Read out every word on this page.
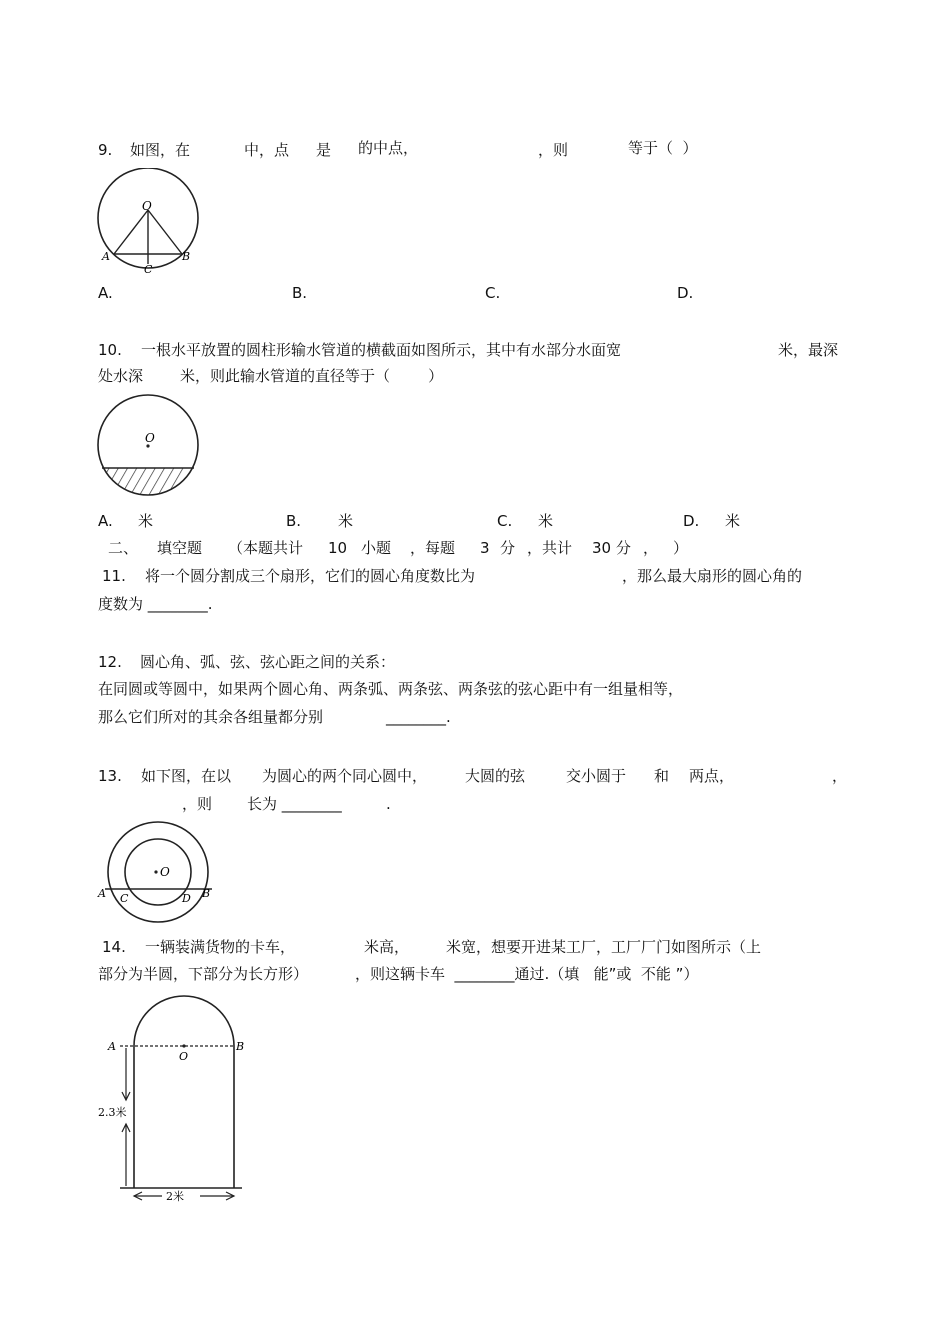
9. 如图，在	中，点 是 的中点，	，则	等于（  ）
O
A	B
C
A.	B.	C.	D.
10. 一根水平放置的圆柱形输水管道的横截面如图所示，其中有水部分水面宽	米，最深
处水深 米，则此输水管道的直径等于（        ）
O
A. 米	B. 米	C. 米	D. 米
二、 填空题 （本题共计 10 小题 ，每题 3 分 ，共计 30 分 ， ）
11. 将一个圆分割成三个扇形，它们的圆心角度数比为	，那么最大扇形的圆心角的
度数为 ________.
12. 圆心角、弧、弦、弦心距之间的关系：
在同圆或等圆中，如果两个圆心角、两条弧、两条弦、两条弦的弦心距中有一组量相等，
那么它们所对的其余各组量都分别	________.
13. 如下图，在以 为圆心的两个同心圆中，	大圆的弦	交小圆于 和 两点，	，
，则 长为 ________	.
O
A	B
C	D
14. 一辆装满货物的卡车，	米高， 米宽，想要开进某工厂，工厂厂门如图所示（上
部分为半圆，下部分为长方形）	，则这辆卡车  ________通过.（填   能”或  不能 ”）
A	B
O
2.3米
2米
